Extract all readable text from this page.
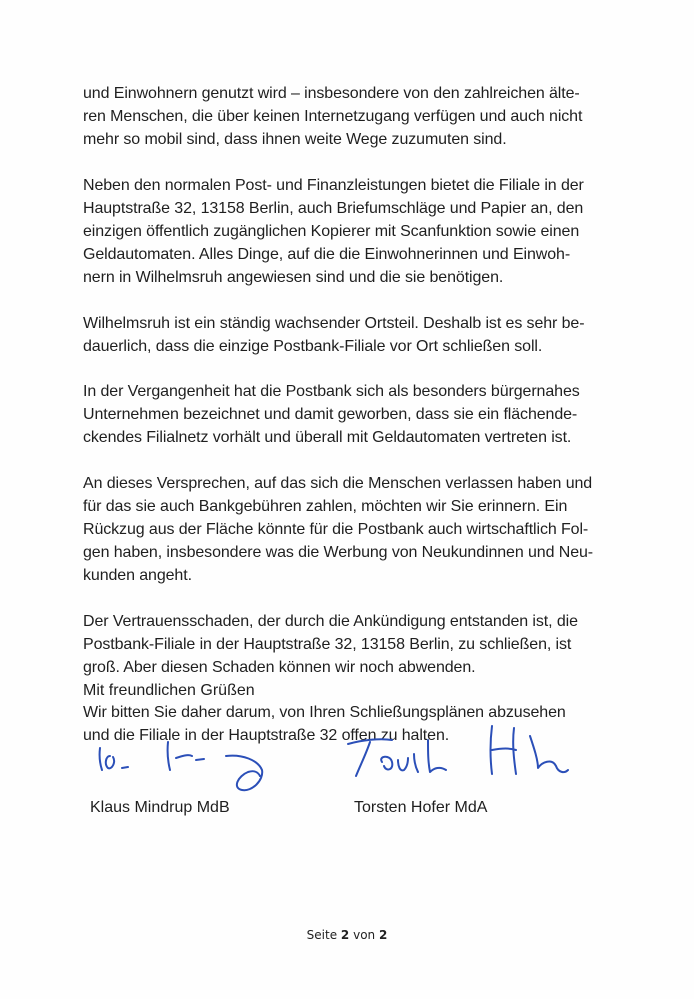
und Einwohnern genutzt wird – insbesondere von den zahlreichen älte-
ren Menschen, die über keinen Internetzugang verfügen und auch nicht
mehr so mobil sind, dass ihnen weite Wege zuzumuten sind.

Neben den normalen Post- und Finanzleistungen bietet die Filiale in der
Hauptstraße 32, 13158 Berlin, auch Briefumschläge und Papier an, den
einzigen öffentlich zugänglichen Kopierer mit Scanfunktion sowie einen
Geldautomaten. Alles Dinge, auf die die Einwohnerinnen und Einwoh-
nern in Wilhelmsruh angewiesen sind und die sie benötigen.

Wilhelmsruh ist ein ständig wachsender Ortsteil. Deshalb ist es sehr be-
dauerlich, dass die einzige Postbank-Filiale vor Ort schließen soll.

In der Vergangenheit hat die Postbank sich als besonders bürgernahes
Unternehmen bezeichnet und damit geworben, dass sie ein flächende-
ckendes Filialnetz vorhält und überall mit Geldautomaten vertreten ist.

An dieses Versprechen, auf das sich die Menschen verlassen haben und
für das sie auch Bankgebühren zahlen, möchten wir Sie erinnern. Ein
Rückzug aus der Fläche könnte für die Postbank auch wirtschaftlich Fol-
gen haben, insbesondere was die Werbung von Neukundinnen und Neu-
kunden angeht.

Der Vertrauensschaden, der durch die Ankündigung entstanden ist, die
Postbank-Filiale in der Hauptstraße 32, 13158 Berlin, zu schließen, ist
groß. Aber diesen Schaden können wir noch abwenden.

Wir bitten Sie daher darum, von Ihren Schließungsplänen abzusehen
und die Filiale in der Hauptstraße 32 offen zu halten.

Mit freundlichen Grüßen
Klaus Mindrup MdB	Torsten Hofer MdA
Seite 2 von 2
